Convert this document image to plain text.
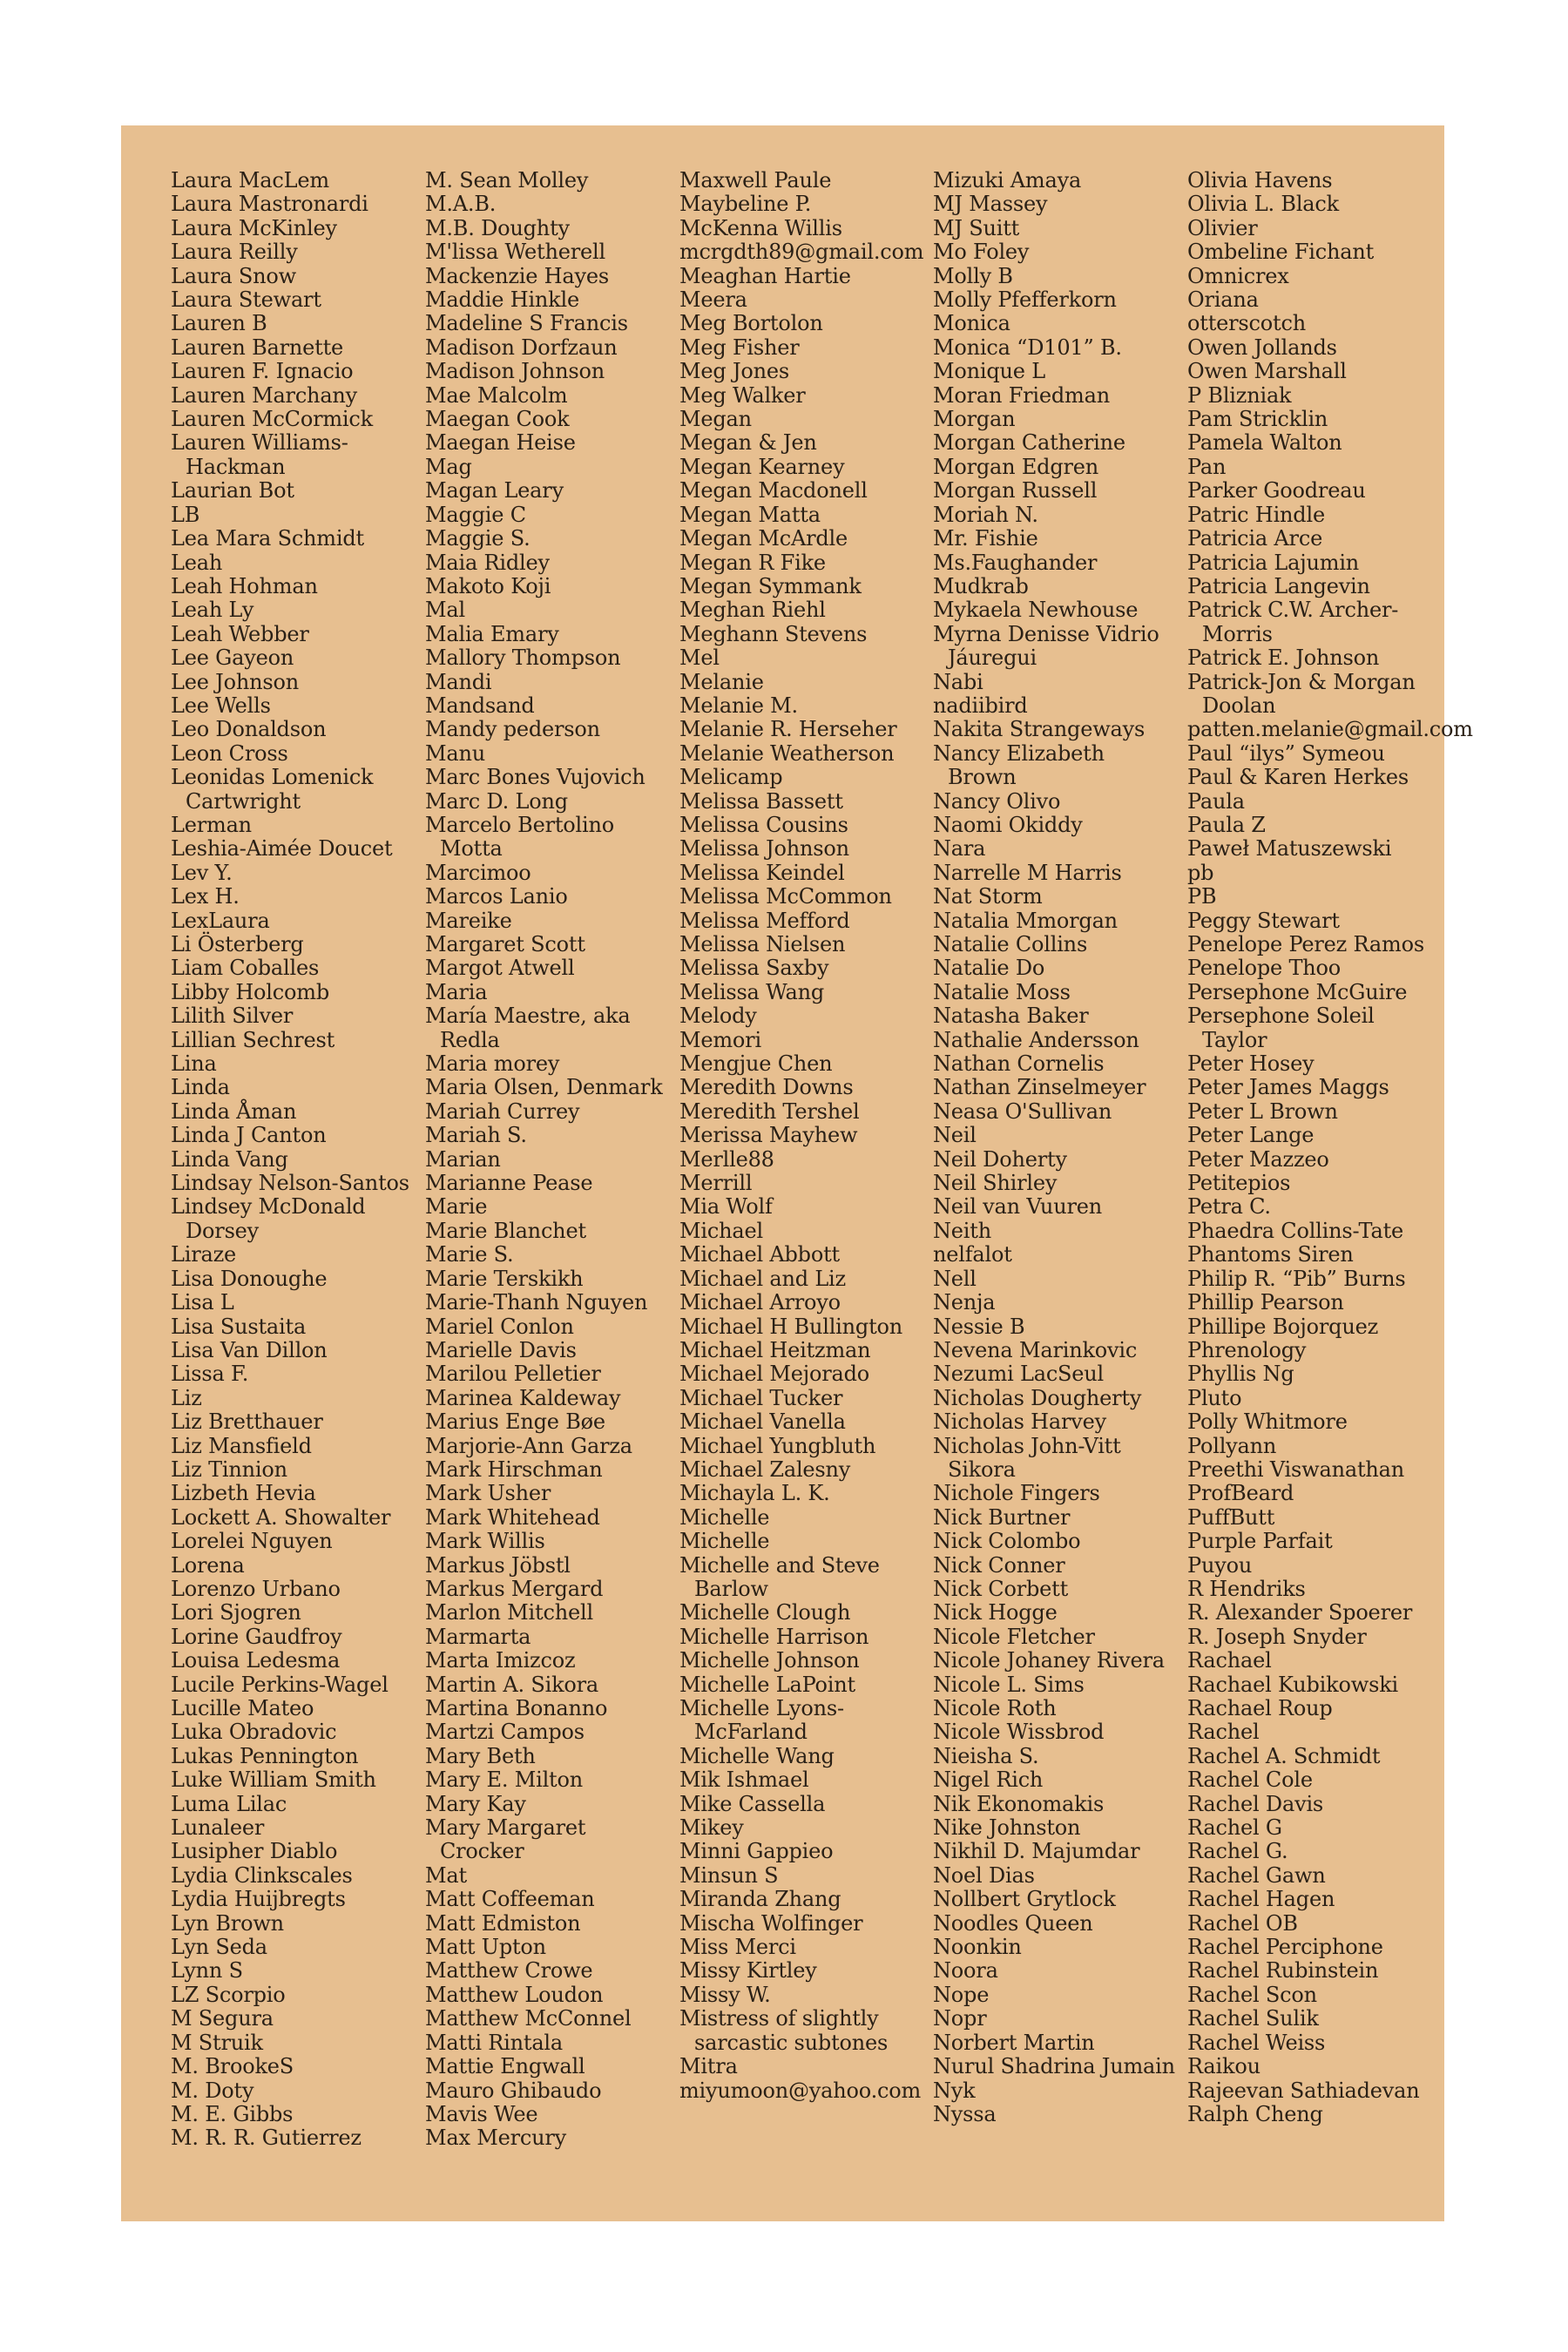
Laura MacLem
Laura Mastronardi
Laura McKinley
Laura Reilly
Laura Snow
Laura Stewart
Lauren B
Lauren Barnette
Lauren F. Ignacio
Lauren Marchany
Lauren McCormick
Lauren Williams-Hackman
Laurian Bot
LB
Lea Mara Schmidt
Leah
Leah Hohman
Leah Ly
Leah Webber
Lee Gayeon
Lee Johnson
Lee Wells
Leo Donaldson
Leon Cross
Leonidas Lomenick Cartwright
Lerman
Leshia-Aimée Doucet
Lev Y.
Lex H.
LexLaura
Li Österberg
Liam Coballes
Libby Holcomb
Lilith Silver
Lillian Sechrest
Lina
Linda
Linda Åman
Linda J Canton
Linda Vang
Lindsay Nelson-Santos
Lindsey McDonald Dorsey
Liraze
Lisa Donoughe
Lisa L
Lisa Sustaita
Lisa Van Dillon
Lissa F.
Liz
Liz Bretthauer
Liz Mansfield
Liz Tinnion
Lizbeth Hevia
Lockett A. Showalter
Lorelei Nguyen
Lorena
Lorenzo Urbano
Lori Sjogren
Lorine Gaudfroy
Louisa Ledesma
Lucile Perkins-Wagel
Lucille Mateo
Luka Obradovic
Lukas Pennington
Luke William Smith
Luma Lilac
Lunaleer
Lusipher Diablo
Lydia Clinkscales
Lydia Huijbregts
Lyn Brown
Lyn Seda
Lynn S
LZ Scorpio
M Segura
M Struik
M. BrookeS
M. Doty
M. E. Gibbs
M. R. R. Gutierrez
M. Sean Molley
M.A.B.
M.B. Doughty
M'lissa Wetherell
Mackenzie Hayes
Maddie Hinkle
Madeline S Francis
Madison Dorfzaun
Madison Johnson
Mae Malcolm
Maegan Cook
Maegan Heise
Mag
Magan Leary
Maggie C
Maggie S.
Maia Ridley
Makoto Koji
Mal
Malia Emary
Mallory Thompson
Mandi
Mandsand
Mandy pederson
Manu
Marc Bones Vujovich
Marc D. Long
Marcelo Bertolino Motta
Marcimoo
Marcos Lanio
Mareike
Margaret Scott
Margot Atwell
Maria
María Maestre, aka Redla
Maria morey
Maria Olsen, Denmark
Mariah Currey
Mariah S.
Marian
Marianne Pease
Marie
Marie Blanchet
Marie S.
Marie Terskikh
Marie-Thanh Nguyen
Mariel Conlon
Marielle Davis
Marilou Pelletier
Marinea Kaldeway
Marius Enge Bøe
Marjorie-Ann Garza
Mark Hirschman
Mark Usher
Mark Whitehead
Mark Willis
Markus Jöbstl
Markus Mergard
Marlon Mitchell
Marmarta
Marta Imizcoz
Martin A. Sikora
Martina Bonanno
Martzi Campos
Mary Beth
Mary E. Milton
Mary Kay
Mary Margaret Crocker
Mat
Matt Coffeeman
Matt Edmiston
Matt Upton
Matthew Crowe
Matthew Loudon
Matthew McConnel
Matti Rintala
Mattie Engwall
Mauro Ghibaudo
Mavis Wee
Max Mercury
Maxwell Paule
Maybeline P.
McKenna Willis
mcrgdth89@gmail.com
Meaghan Hartie
Meera
Meg Bortolon
Meg Fisher
Meg Jones
Meg Walker
Megan
Megan & Jen
Megan Kearney
Megan Macdonell
Megan Matta
Megan McArdle
Megan R Fike
Megan Symmank
Meghan Riehl
Meghann Stevens
Mel
Melanie
Melanie M.
Melanie R. Herseher
Melanie Weatherson
Melicamp
Melissa Bassett
Melissa Cousins
Melissa Johnson
Melissa Keindel
Melissa McCommon
Melissa Mefford
Melissa Nielsen
Melissa Saxby
Melissa Wang
Melody
Memori
Mengjue Chen
Meredith Downs
Meredith Tershel
Merissa Mayhew
Merlle88
Merrill
Mia Wolf
Michael
Michael Abbott
Michael and Liz
Michael Arroyo
Michael H Bullington
Michael Heitzman
Michael Mejorado
Michael Tucker
Michael Vanella
Michael Yungbluth
Michael Zalesny
Michayla L. K.
Michelle
Michelle
Michelle and Steve Barlow
Michelle Clough
Michelle Harrison
Michelle Johnson
Michelle LaPoint
Michelle Lyons-McFarland
Michelle Wang
Mik Ishmael
Mike Cassella
Mikey
Minni Gappieo
Minsun S
Miranda Zhang
Mischa Wolfinger
Miss Merci
Missy Kirtley
Missy W.
Mistress of slightly sarcastic subtones
Mitra
miyumoon@yahoo.com
Mizuki Amaya
MJ Massey
MJ Suitt
Mo Foley
Molly B
Molly Pfefferkorn
Monica
Monica “D101” B.
Monique L
Moran Friedman
Morgan
Morgan Catherine
Morgan Edgren
Morgan Russell
Moriah N.
Mr. Fishie
Ms.Faughander
Mudkrab
Mykaela Newhouse
Myrna Denisse Vidrio Jáuregui
Nabi
nadiibird
Nakita Strangeways
Nancy Elizabeth Brown
Nancy Olivo
Naomi Okiddy
Nara
Narrelle M Harris
Nat Storm
Natalia Mmorgan
Natalie Collins
Natalie Do
Natalie Moss
Natasha Baker
Nathalie Andersson
Nathan Cornelis
Nathan Zinselmeyer
Neasa O'Sullivan
Neil
Neil Doherty
Neil Shirley
Neil van Vuuren
Neith
nelfalot
Nell
Nenja
Nessie B
Nevena Marinkovic
Nezumi LacSeul
Nicholas Dougherty
Nicholas Harvey
Nicholas John-Vitt Sikora
Nichole Fingers
Nick Burtner
Nick Colombo
Nick Conner
Nick Corbett
Nick Hogge
Nicole Fletcher
Nicole Johaney Rivera
Nicole L. Sims
Nicole Roth
Nicole Wissbrod
Nieisha S.
Nigel Rich
Nik Ekonomakis
Nike Johnston
Nikhil D. Majumdar
Noel Dias
Nollbert Grytlock
Noodles Queen
Noonkin
Noora
Nope
Nopr
Norbert Martin
Nurul Shadrina Jumain
Nyk
Nyssa
Olivia Havens
Olivia L. Black
Olivier
Ombeline Fichant
Omnicrex
Oriana
otterscotch
Owen Jollands
Owen Marshall
P Blizniak
Pam Stricklin
Pamela Walton
Pan
Parker Goodreau
Patric Hindle
Patricia Arce
Patricia Lajumin
Patricia Langevin
Patrick C.W. Archer-Morris
Patrick E. Johnson
Patrick-Jon & Morgan Doolan
patten.melanie@gmail.com
Paul “ilys” Symeou
Paul & Karen Herkes
Paula
Paula Z
Paweł Matuszewski
pb
PB
Peggy Stewart
Penelope Perez Ramos
Penelope Thoo
Persephone McGuire
Persephone Soleil Taylor
Peter Hosey
Peter James Maggs
Peter L Brown
Peter Lange
Peter Mazzeo
Petitepios
Petra C.
Phaedra Collins-Tate
Phantoms Siren
Philip R. “Pib” Burns
Phillip Pearson
Phillipe Bojorquez
Phrenology
Phyllis Ng
Pluto
Polly Whitmore
Pollyann
Preethi Viswanathan
ProfBeard
PuffButt
Purple Parfait
Puyou
R Hendriks
R. Alexander Spoerer
R. Joseph Snyder
Rachael
Rachael Kubikowski
Rachael Roup
Rachel
Rachel A. Schmidt
Rachel Cole
Rachel Davis
Rachel G
Rachel G.
Rachel Gawn
Rachel Hagen
Rachel OB
Rachel Perciphone
Rachel Rubinstein
Rachel Scon
Rachel Sulik
Rachel Weiss
Raikou
Rajeevan Sathiadevan
Ralph Cheng
